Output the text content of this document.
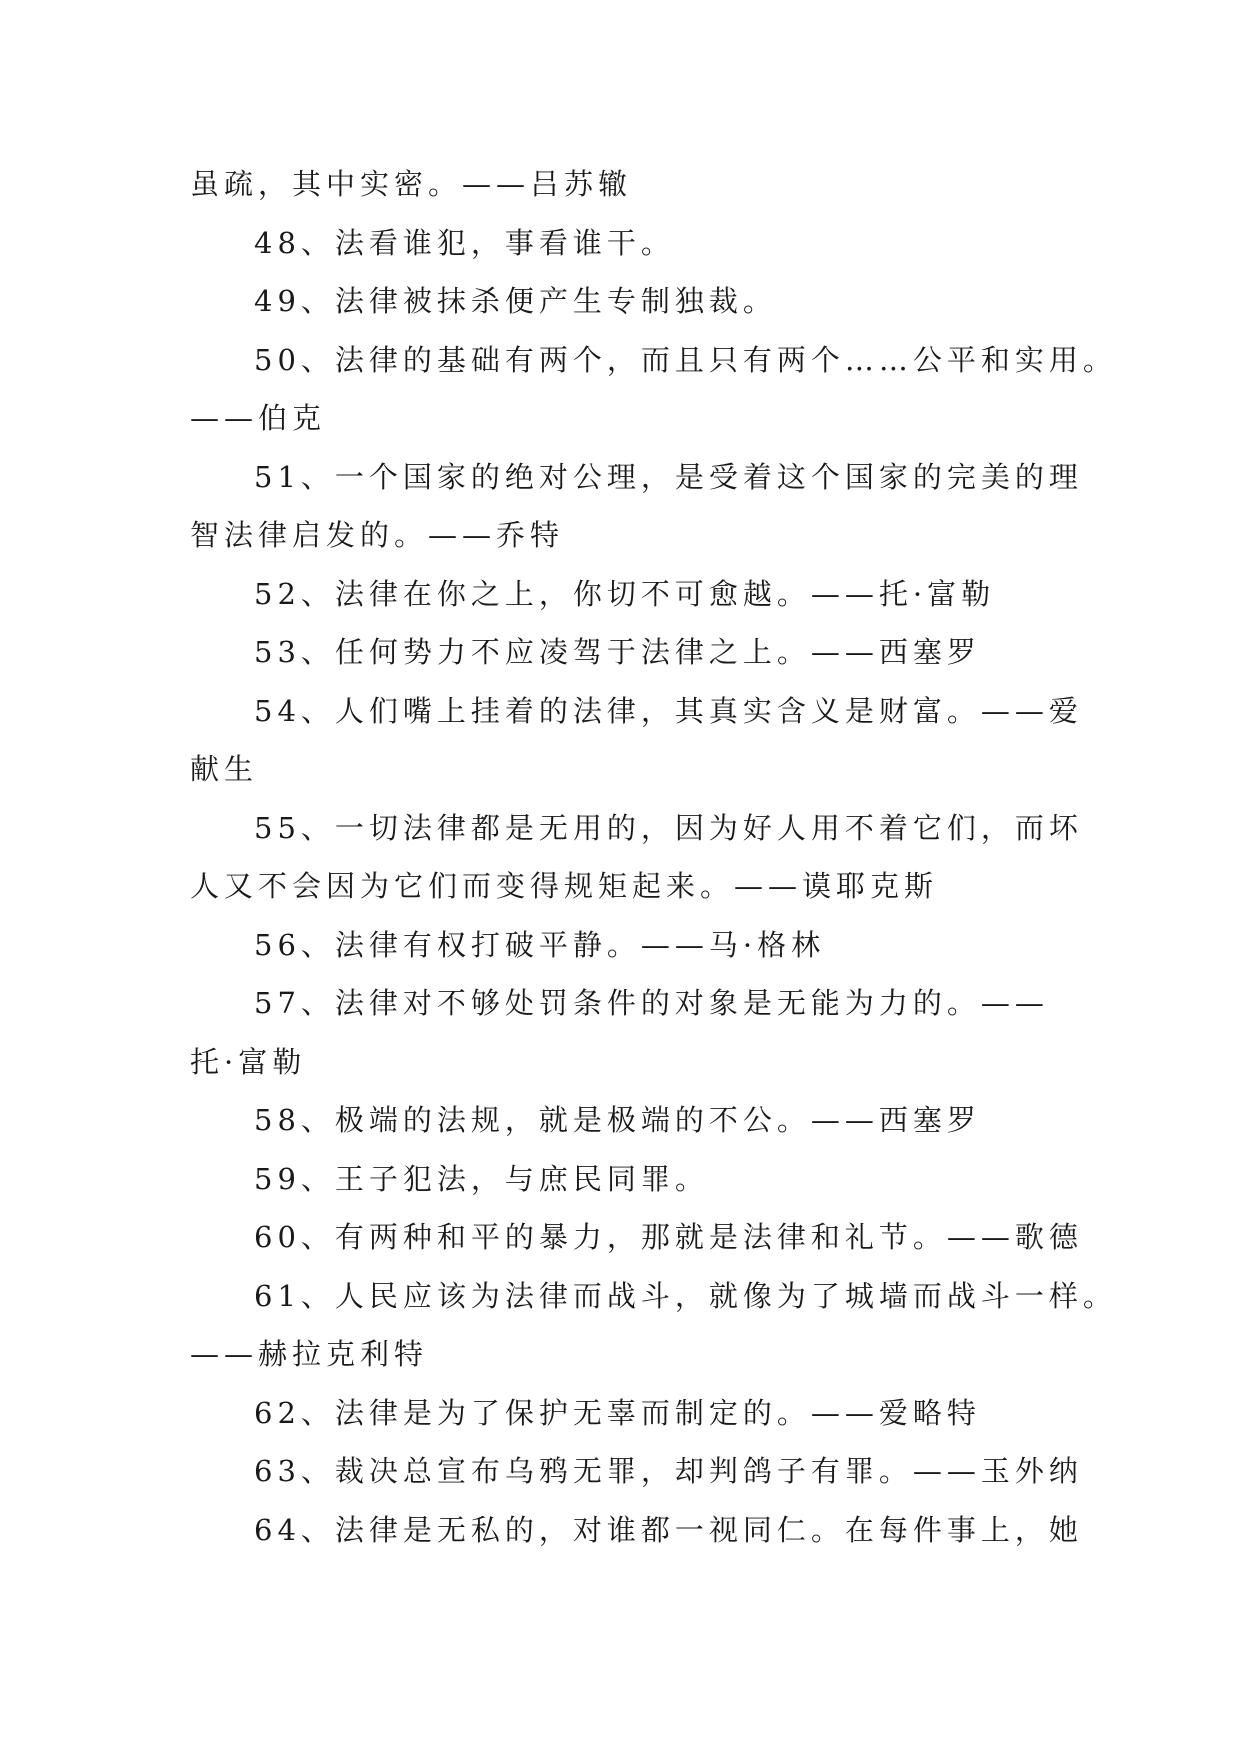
虽疏，其中实密。——吕苏辙
48、法看谁犯，事看谁干。
49、法律被抹杀便产生专制独裁。
50、法律的基础有两个，而且只有两个……公平和实用。
——伯克
51、一个国家的绝对公理，是受着这个国家的完美的理
智法律启发的。——乔特
52、法律在你之上，你切不可愈越。——托·富勒
53、任何势力不应凌驾于法律之上。——西塞罗
54、人们嘴上挂着的法律，其真实含义是财富。——爱
献生
55、一切法律都是无用的，因为好人用不着它们，而坏
人又不会因为它们而变得规矩起来。——谟耶克斯
56、法律有权打破平静。——马·格林
57、法律对不够处罚条件的对象是无能为力的。——
托·富勒
58、极端的法规，就是极端的不公。——西塞罗
59、王子犯法，与庶民同罪。
60、有两种和平的暴力，那就是法律和礼节。——歌德
61、人民应该为法律而战斗，就像为了城墙而战斗一样。
——赫拉克利特
62、法律是为了保护无辜而制定的。——爱略特
63、裁决总宣布乌鸦无罪，却判鸽子有罪。——玉外纳
64、法律是无私的，对谁都一视同仁。在每件事上，她
